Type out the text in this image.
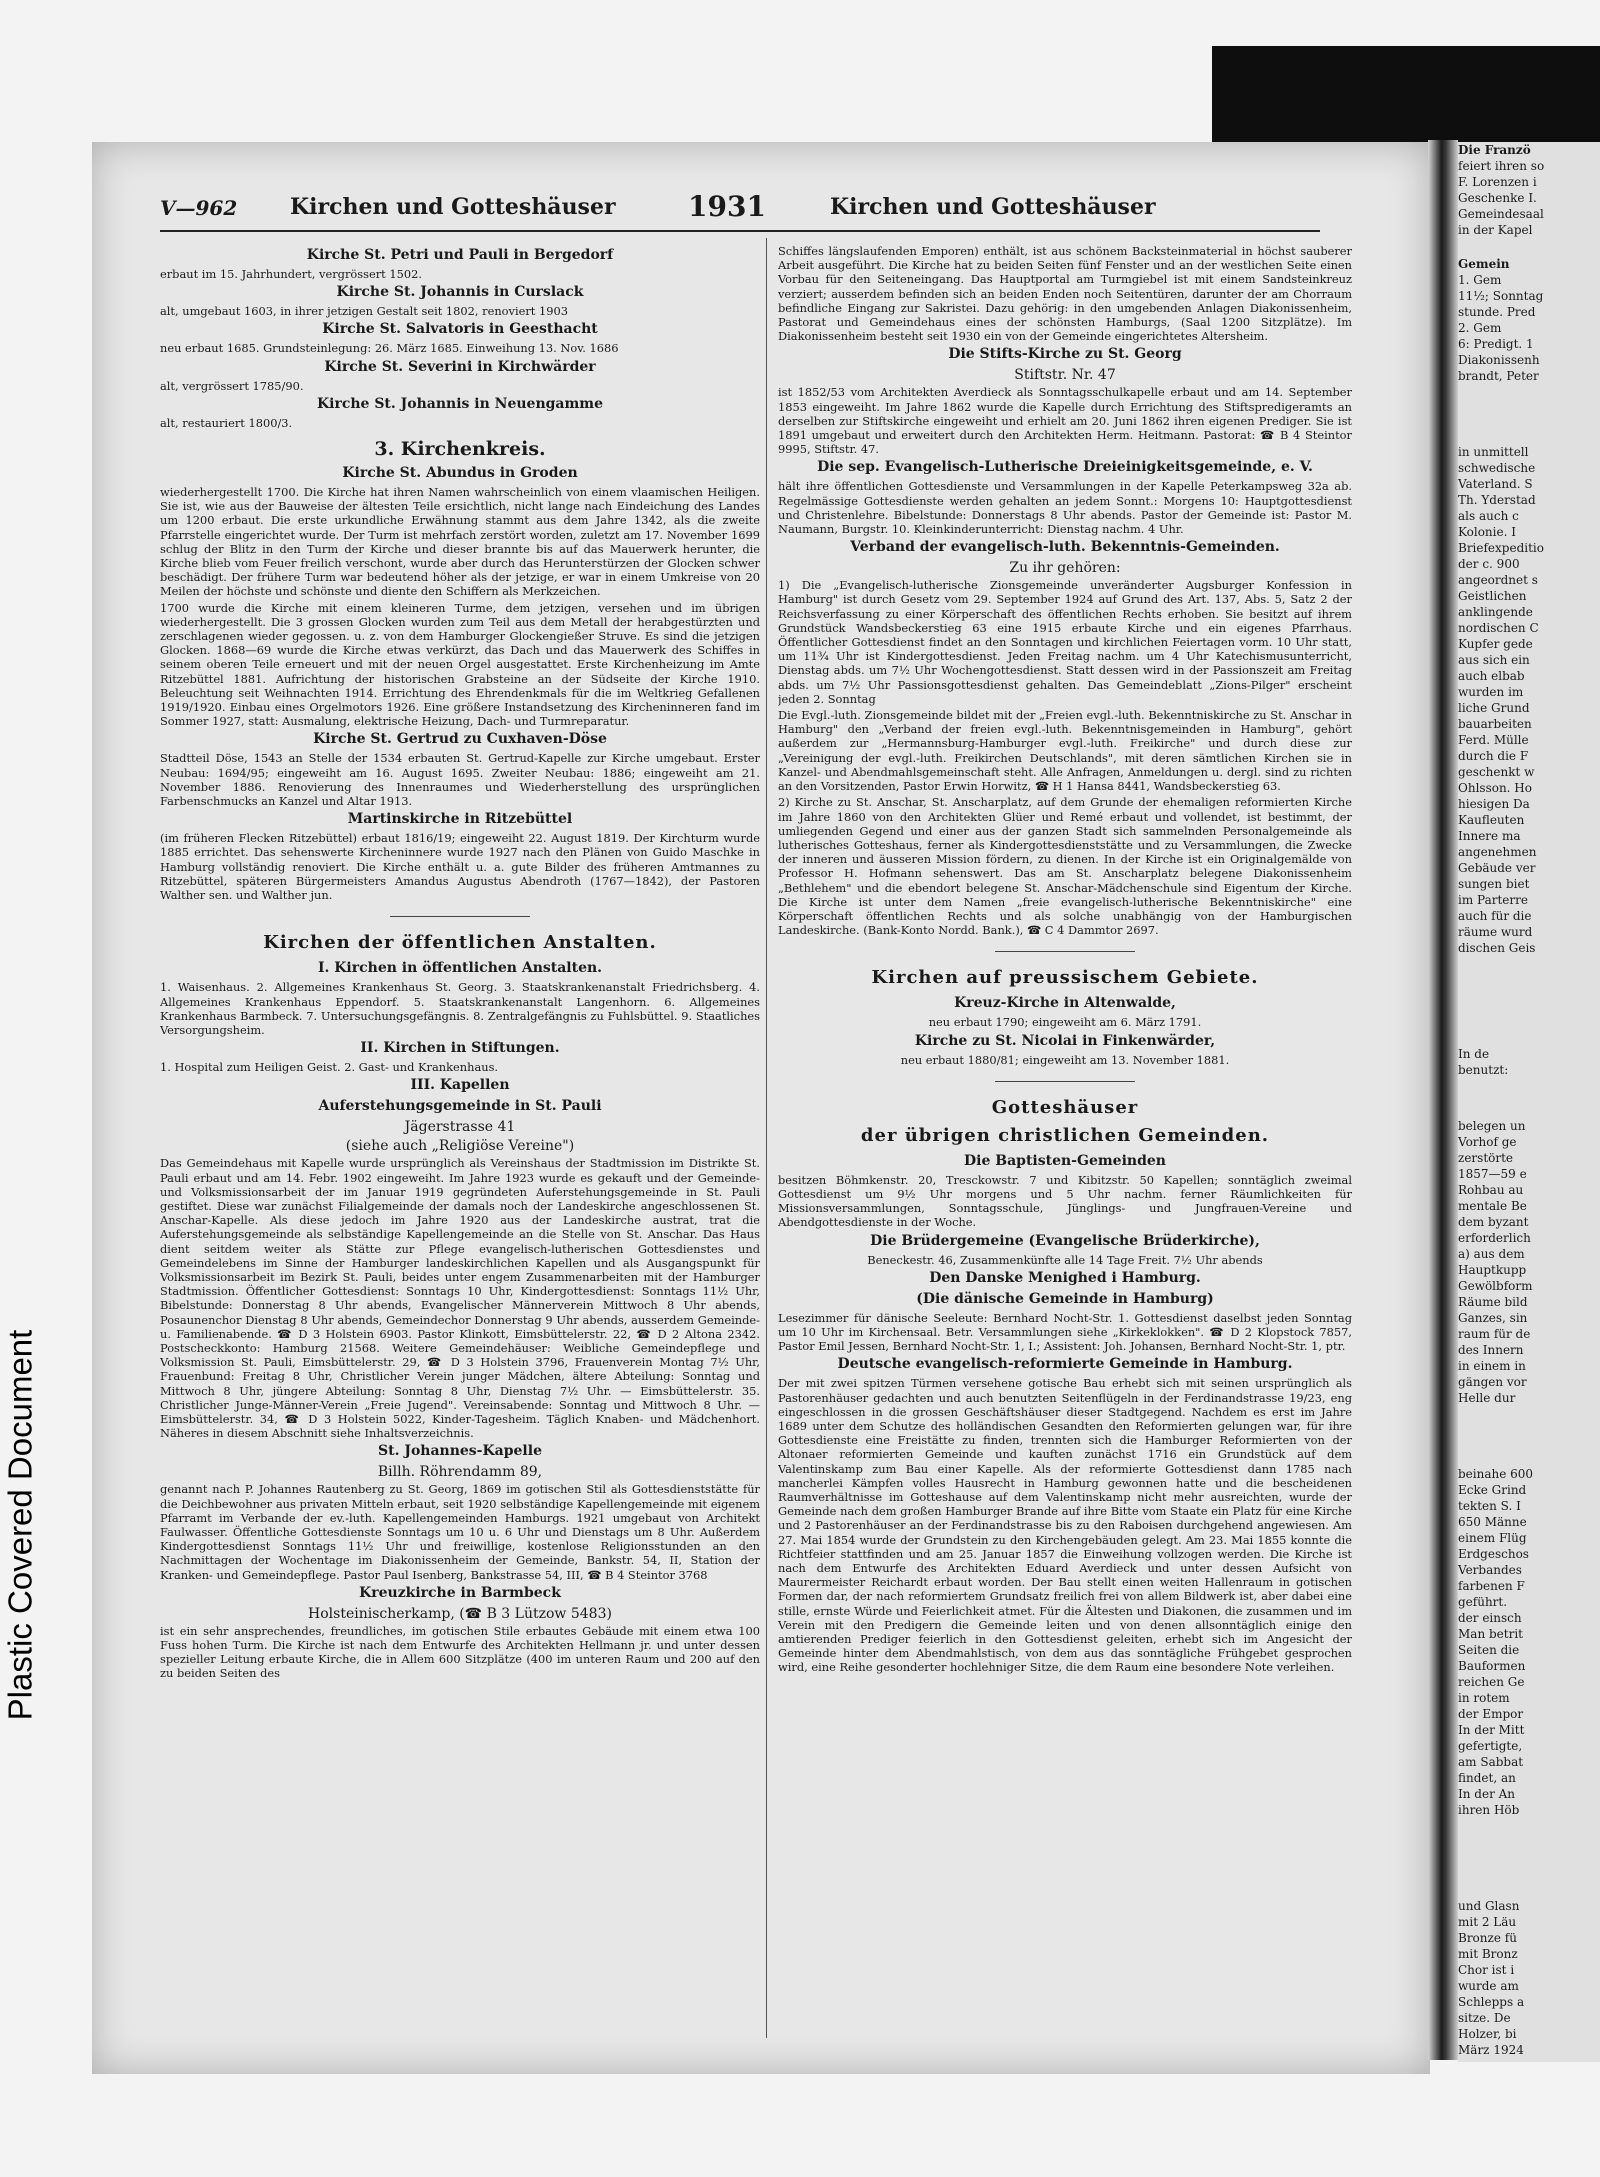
Plastic Covered Document
V—962 Kirchen und Gotteshäuser	1931	Kirchen und Gotteshäuser
Kirche St. Petri und Pauli in Bergedorf
erbaut im 15. Jahrhundert, vergrössert 1502.
Kirche St. Johannis in Curslack
alt, umgebaut 1603, in ihrer jetzigen Gestalt seit 1802, renoviert 1903
Kirche St. Salvatoris in Geesthacht
neu erbaut 1685. Grundsteinlegung: 26. März 1685. Einweihung 13. Nov. 1686
Kirche St. Severini in Kirchwärder
alt, vergrössert 1785/90.
Kirche St. Johannis in Neuengamme
alt, restauriert 1800/3.
3. Kirchenkreis.
Kirche St. Abundus in Groden
wiederhergestellt 1700. Die Kirche hat ihren Namen wahrscheinlich von einem vlaamischen Heiligen. Sie ist, wie aus der Bauweise der ältesten Teile ersichtlich, nicht lange nach Eindeichung des Landes um 1200 erbaut. Die erste urkundliche Erwähnung stammt aus dem Jahre 1342, als die zweite Pfarrstelle eingerichtet wurde. Der Turm ist mehrfach zerstört worden, zuletzt am 17. November 1699 schlug der Blitz in den Turm der Kirche und dieser brannte bis auf das Mauerwerk herunter, die Kirche blieb vom Feuer freilich verschont, wurde aber durch das Herunterstürzen der Glocken schwer beschädigt. Der frühere Turm war bedeutend höher als der jetzige, er war in einem Umkreise von 20 Meilen der höchste und schönste und diente den Schiffern als Merkzeichen.
1700 wurde die Kirche mit einem kleineren Turme, dem jetzigen, versehen und im übrigen wiederhergestellt. Die 3 grossen Glocken wurden zum Teil aus dem Metall der herabgestürzten und zerschlagenen wieder gegossen. u. z. von dem Hamburger Glockengießer Struve. Es sind die jetzigen Glocken. 1868—69 wurde die Kirche etwas verkürzt, das Dach und das Mauerwerk des Schiffes in seinem oberen Teile erneuert und mit der neuen Orgel ausgestattet. Erste Kirchenheizung im Amte Ritzebüttel 1881. Aufrichtung der historischen Grabsteine an der Südseite der Kirche 1910. Beleuchtung seit Weihnachten 1914. Errichtung des Ehrendenkmals für die im Weltkrieg Gefallenen 1919/1920. Einbau eines Orgelmotors 1926. Eine größere Instandsetzung des Kircheninneren fand im Sommer 1927, statt: Ausmalung, elektrische Heizung, Dach- und Turmreparatur.
Kirche St. Gertrud zu Cuxhaven-Döse
Stadtteil Döse, 1543 an Stelle der 1534 erbauten St. Gertrud-Kapelle zur Kirche umgebaut. Erster Neubau: 1694/95; eingeweiht am 16. August 1695. Zweiter Neubau: 1886; eingeweiht am 21. November 1886. Renovierung des Innenraumes und Wiederherstellung des ursprünglichen Farbenschmucks an Kanzel und Altar 1913.
Martinskirche in Ritzebüttel
(im früheren Flecken Ritzebüttel) erbaut 1816/19; eingeweiht 22. August 1819. Der Kirchturm wurde 1885 errichtet. Das sehenswerte Kircheninnere wurde 1927 nach den Plänen von Guido Maschke in Hamburg vollständig renoviert. Die Kirche enthält u. a. gute Bilder des früheren Amtmannes zu Ritzebüttel, späteren Bürgermeisters Amandus Augustus Abendroth (1767—1842), der Pastoren Walther sen. und Walther jun.
Kirchen der öffentlichen Anstalten.
I. Kirchen in öffentlichen Anstalten.
1. Waisenhaus. 2. Allgemeines Krankenhaus St. Georg. 3. Staatskrankenanstalt Friedrichsberg. 4. Allgemeines Krankenhaus Eppendorf. 5. Staatskrankenanstalt Langenhorn. 6. Allgemeines Krankenhaus Barmbeck. 7. Untersuchungsgefängnis. 8. Zentralgefängnis zu Fuhlsbüttel. 9. Staatliches Versorgungsheim.
II. Kirchen in Stiftungen.
1. Hospital zum Heiligen Geist. 2. Gast- und Krankenhaus.
III. Kapellen
Auferstehungsgemeinde in St. Pauli
Jägerstrasse 41
(siehe auch „Religiöse Vereine")
Das Gemeindehaus mit Kapelle wurde ursprünglich als Vereinshaus der Stadtmission im Distrikte St. Pauli erbaut und am 14. Febr. 1902 eingeweiht. Im Jahre 1923 wurde es gekauft und der Gemeinde- und Volksmissionsarbeit der im Januar 1919 gegründeten Auferstehungsgemeinde in St. Pauli gestiftet. Diese war zunächst Filialgemeinde der damals noch der Landeskirche angeschlossenen St. Anschar-Kapelle. Als diese jedoch im Jahre 1920 aus der Landeskirche austrat, trat die Auferstehungsgemeinde als selbständige Kapellengemeinde an die Stelle von St. Anschar. Das Haus dient seitdem weiter als Stätte zur Pflege evangelisch-lutherischen Gottesdienstes und Gemeindelebens im Sinne der Hamburger landeskirchlichen Kapellen und als Ausgangspunkt für Volksmissionsarbeit im Bezirk St. Pauli, beides unter engem Zusammenarbeiten mit der Hamburger Stadtmission. Öffentlicher Gottesdienst: Sonntags 10 Uhr, Kindergottesdienst: Sonntags 11½ Uhr, Bibelstunde: Donnerstag 8 Uhr abends, Evangelischer Männerverein Mittwoch 8 Uhr abends, Posaunenchor Dienstag 8 Uhr abends, Gemeindechor Donnerstag 9 Uhr abends, ausserdem Gemeinde- u. Familienabende. ☎ D 3 Holstein 6903. Pastor Klinkott, Eimsbüttelerstr. 22, ☎ D 2 Altona 2342. Postscheckkonto: Hamburg 21568. Weitere Gemeindehäuser: Weibliche Gemeindepflege und Volksmission St. Pauli, Eimsbüttelerstr. 29, ☎ D 3 Holstein 3796, Frauenverein Montag 7½ Uhr, Frauenbund: Freitag 8 Uhr, Christlicher Verein junger Mädchen, ältere Abteilung: Sonntag und Mittwoch 8 Uhr, jüngere Abteilung: Sonntag 8 Uhr, Dienstag 7½ Uhr. — Eimsbüttelerstr. 35. Christlicher Junge-Männer-Verein „Freie Jugend". Vereinsabende: Sonntag und Mittwoch 8 Uhr. — Eimsbüttelerstr. 34, ☎ D 3 Holstein 5022, Kinder-Tagesheim. Täglich Knaben- und Mädchenhort. Näheres in diesem Abschnitt siehe Inhaltsverzeichnis.
St. Johannes-Kapelle
Billh. Röhrendamm 89,
genannt nach P. Johannes Rautenberg zu St. Georg, 1869 im gotischen Stil als Gottesdienststätte für die Deichbewohner aus privaten Mitteln erbaut, seit 1920 selbständige Kapellengemeinde mit eigenem Pfarramt im Verbande der ev.-luth. Kapellengemeinden Hamburgs. 1921 umgebaut von Architekt Faulwasser. Öffentliche Gottesdienste Sonntags um 10 u. 6 Uhr und Dienstags um 8 Uhr. Außerdem Kindergottesdienst Sonntags 11½ Uhr und freiwillige, kostenlose Religionsstunden an den Nachmittagen der Wochentage im Diakonissenheim der Gemeinde, Bankstr. 54, II, Station der Kranken- und Gemeindepflege. Pastor Paul Isenberg, Bankstrasse 54, III, ☎ B 4 Steintor 3768
Kreuzkirche in Barmbeck
Holsteinischerkamp, (☎ B 3 Lützow 5483)
ist ein sehr ansprechendes, freundliches, im gotischen Stile erbautes Gebäude mit einem etwa 100 Fuss hohen Turm. Die Kirche ist nach dem Entwurfe des Architekten Hellmann jr. und unter dessen spezieller Leitung erbaute Kirche, die in Allem 600 Sitzplätze (400 im unteren Raum und 200 auf den zu beiden Seiten des
Schiffes längslaufenden Emporen) enthält, ist aus schönem Backsteinmaterial in höchst sauberer Arbeit ausgeführt. Die Kirche hat zu beiden Seiten fünf Fenster und an der westlichen Seite einen Vorbau für den Seiteneingang. Das Hauptportal am Turmgiebel ist mit einem Sandsteinkreuz verziert; ausserdem befinden sich an beiden Enden noch Seitentüren, darunter der am Chorraum befindliche Eingang zur Sakristei. Dazu gehörig: in den umgebenden Anlagen Diakonissenheim, Pastorat und Gemeindehaus eines der schönsten Hamburgs, (Saal 1200 Sitzplätze). Im Diakonissenheim besteht seit 1930 ein von der Gemeinde eingerichtetes Altersheim.
Die Stifts-Kirche zu St. Georg
Stiftstr. Nr. 47
ist 1852/53 vom Architekten Averdieck als Sonntagsschulkapelle erbaut und am 14. September 1853 eingeweiht. Im Jahre 1862 wurde die Kapelle durch Errichtung des Stiftspredigeramts an derselben zur Stiftskirche eingeweiht und erhielt am 20. Juni 1862 ihren eigenen Prediger. Sie ist 1891 umgebaut und erweitert durch den Architekten Herm. Heitmann. Pastorat: ☎ B 4 Steintor 9995, Stiftstr. 47.
Die sep. Evangelisch-Lutherische Dreieinigkeitsgemeinde, e. V.
hält ihre öffentlichen Gottesdienste und Versammlungen in der Kapelle Peterkampsweg 32a ab. Regelmässige Gottesdienste werden gehalten an jedem Sonnt.: Morgens 10: Hauptgottesdienst und Christenlehre. Bibelstunde: Donnerstags 8 Uhr abends. Pastor der Gemeinde ist: Pastor M. Naumann, Burgstr. 10. Kleinkinderunterricht: Dienstag nachm. 4 Uhr.
Verband der evangelisch-luth. Bekenntnis-Gemeinden.
Zu ihr gehören:
1) Die „Evangelisch-lutherische Zionsgemeinde unveränderter Augsburger Konfession in Hamburg" ist durch Gesetz vom 29. September 1924 auf Grund des Art. 137, Abs. 5, Satz 2 der Reichsverfassung zu einer Körperschaft des öffentlichen Rechts erhoben. Sie besitzt auf ihrem Grundstück Wandsbeckerstieg 63 eine 1915 erbaute Kirche und ein eigenes Pfarrhaus. Öffentlicher Gottesdienst findet an den Sonntagen und kirchlichen Feiertagen vorm. 10 Uhr statt, um 11¾ Uhr ist Kindergottesdienst. Jeden Freitag nachm. um 4 Uhr Katechismusunterricht, Dienstag abds. um 7½ Uhr Wochengottesdienst. Statt dessen wird in der Passionszeit am Freitag abds. um 7½ Uhr Passionsgottesdienst gehalten. Das Gemeindeblatt „Zions-Pilger" erscheint jeden 2. Sonntag
Die Evgl.-luth. Zionsgemeinde bildet mit der „Freien evgl.-luth. Bekenntniskirche zu St. Anschar in Hamburg" den „Verband der freien evgl.-luth. Bekenntnisgemeinden in Hamburg", gehört außerdem zur „Hermannsburg-Hamburger evgl.-luth. Freikirche" und durch diese zur „Vereinigung der evgl.-luth. Freikirchen Deutschlands", mit deren sämtlichen Kirchen sie in Kanzel- und Abendmahlsgemeinschaft steht. Alle Anfragen, Anmeldungen u. dergl. sind zu richten an den Vorsitzenden, Pastor Erwin Horwitz, ☎ H 1 Hansa 8441, Wandsbeckerstieg 63.
2) Kirche zu St. Anschar, St. Anscharplatz, auf dem Grunde der ehemaligen reformierten Kirche im Jahre 1860 von den Architekten Glüer und Remé erbaut und vollendet, ist bestimmt, der umliegenden Gegend und einer aus der ganzen Stadt sich sammelnden Personalgemeinde als lutherisches Gotteshaus, ferner als Kindergottesdienststätte und zu Versammlungen, die Zwecke der inneren und äusseren Mission fördern, zu dienen. In der Kirche ist ein Originalgemälde von Professor H. Hofmann sehenswert. Das am St. Anscharplatz belegene Diakonissenheim „Bethlehem" und die ebendort belegene St. Anschar-Mädchenschule sind Eigentum der Kirche. Die Kirche ist unter dem Namen „freie evangelisch-lutherische Bekenntniskirche" eine Körperschaft öffentlichen Rechts und als solche unabhängig von der Hamburgischen Landeskirche. (Bank-Konto Nordd. Bank.), ☎ C 4 Dammtor 2697.
Kirchen auf preussischem Gebiete.
Kreuz-Kirche in Altenwalde,
neu erbaut 1790; eingeweiht am 6. März 1791.
Kirche zu St. Nicolai in Finkenwärder,
neu erbaut 1880/81; eingeweiht am 13. November 1881.
Gotteshäuser
der übrigen christlichen Gemeinden.
Die Baptisten-Gemeinden
besitzen Böhmkenstr. 20, Tresckowstr. 7 und Kibitzstr. 50 Kapellen; sonntäglich zweimal Gottesdienst um 9½ Uhr morgens und 5 Uhr nachm. ferner Räumlichkeiten für Missionsversammlungen, Sonntagsschule, Jünglings- und Jungfrauen-Vereine und Abendgottesdienste in der Woche.
Die Brüdergemeine (Evangelische Brüderkirche),
Beneckestr. 46, Zusammenkünfte alle 14 Tage Freit. 7½ Uhr abends
Den Danske Menighed i Hamburg.
(Die dänische Gemeinde in Hamburg)
Lesezimmer für dänische Seeleute: Bernhard Nocht-Str. 1. Gottesdienst daselbst jeden Sonntag um 10 Uhr im Kirchensaal. Betr. Versammlungen siehe „Kirkeklokken". ☎ D 2 Klopstock 7857, Pastor Emil Jessen, Bernhard Nocht-Str. 1, I.; Assistent: Joh. Johansen, Bernhard Nocht-Str. 1, ptr.
Deutsche evangelisch-reformierte Gemeinde in Hamburg.
Der mit zwei spitzen Türmen versehene gotische Bau erhebt sich mit seinen ursprünglich als Pastorenhäuser gedachten und auch benutzten Seitenflügeln in der Ferdinandstrasse 19/23, eng eingeschlossen in die grossen Geschäftshäuser dieser Stadtgegend. Nachdem es erst im Jahre 1689 unter dem Schutze des holländischen Gesandten den Reformierten gelungen war, für ihre Gottesdienste eine Freistätte zu finden, trennten sich die Hamburger Reformierten von der Altonaer reformierten Gemeinde und kauften zunächst 1716 ein Grundstück auf dem Valentinskamp zum Bau einer Kapelle. Als der reformierte Gottesdienst dann 1785 nach mancherlei Kämpfen volles Hausrecht in Hamburg gewonnen hatte und die bescheidenen Raumverhältnisse im Gotteshause auf dem Valentinskamp nicht mehr ausreichten, wurde der Gemeinde nach dem großen Hamburger Brande auf ihre Bitte vom Staate ein Platz für eine Kirche und 2 Pastorenhäuser an der Ferdinandstrasse bis zu den Raboisen durchgehend angewiesen. Am 27. Mai 1854 wurde der Grundstein zu den Kirchengebäuden gelegt. Am 23. Mai 1855 konnte die Richtfeier stattfinden und am 25. Januar 1857 die Einweihung vollzogen werden. Die Kirche ist nach dem Entwurfe des Architekten Eduard Averdieck und unter dessen Aufsicht von Maurermeister Reichardt erbaut worden. Der Bau stellt einen weiten Hallenraum in gotischen Formen dar, der nach reformiertem Grundsatz freilich frei von allem Bildwerk ist, aber dabei eine stille, ernste Würde und Feierlichkeit atmet. Für die Ältesten und Diakonen, die zusammen und im Verein mit den Predigern die Gemeinde leiten und von denen allsonntäglich einige den amtierenden Prediger feierlich in den Gottesdienst geleiten, erhebt sich im Angesicht der Gemeinde hinter dem Abendmahlstisch, von dem aus das sonntägliche Frühgebet gesprochen wird, eine Reihe gesonderter hochlehniger Sitze, die dem Raum eine besondere Note verleihen.
Die Franzö
feiert ihren so
F. Lorenzen i
Geschenke I.
Gemeindesaal
in der Kapel
Gemein
1. Gem
11½; Sonntag
stunde. Pred
2. Gem
6: Predigt. 1
Diakonissenh
brandt, Peter
in unmittell
schwedische
Vaterland. S
Th. Yderstad
als auch c
Kolonie. I
Briefexpeditio
der c. 900
angeordnet s
Geistlichen
anklingende
nordischen C
Kupfer gede
aus sich ein
auch elbab
wurden im
liche Grund
bauarbeiten
Ferd. Mülle
durch die F
geschenkt w
Ohlsson. Ho
hiesigen Da
Kaufleuten
Innere ma
angenehmen
Gebäude ver
sungen biet
im Parterre
auch für die
räume wurd
dischen Geis
In de
benutzt:
belegen un
Vorhof ge
zerstörte
1857—59 e
Rohbau au
mentale Be
dem byzant
erforderlich
a) aus dem
Hauptkupp
Gewölbform
Räume bild
Ganzes, sin
raum für de
des Innern
in einem in
gängen vor
Helle dur
beinahe 600
Ecke Grind
tekten S. I
650 Männe
einem Flüg
Erdgeschos
Verbandes
farbenen F
geführt.
der einsch
Man betrit
Seiten die
Bauformen
reichen Ge
in rotem
der Empor
In der Mitt
gefertigte,
am Sabbat
findet, an
In der An
ihren Höb
und Glasn
mit 2 Läu
Bronze fü
mit Bronz
Chor ist i
wurde am
Schlepps a
sitze. De
Holzer, bi
März 1924
